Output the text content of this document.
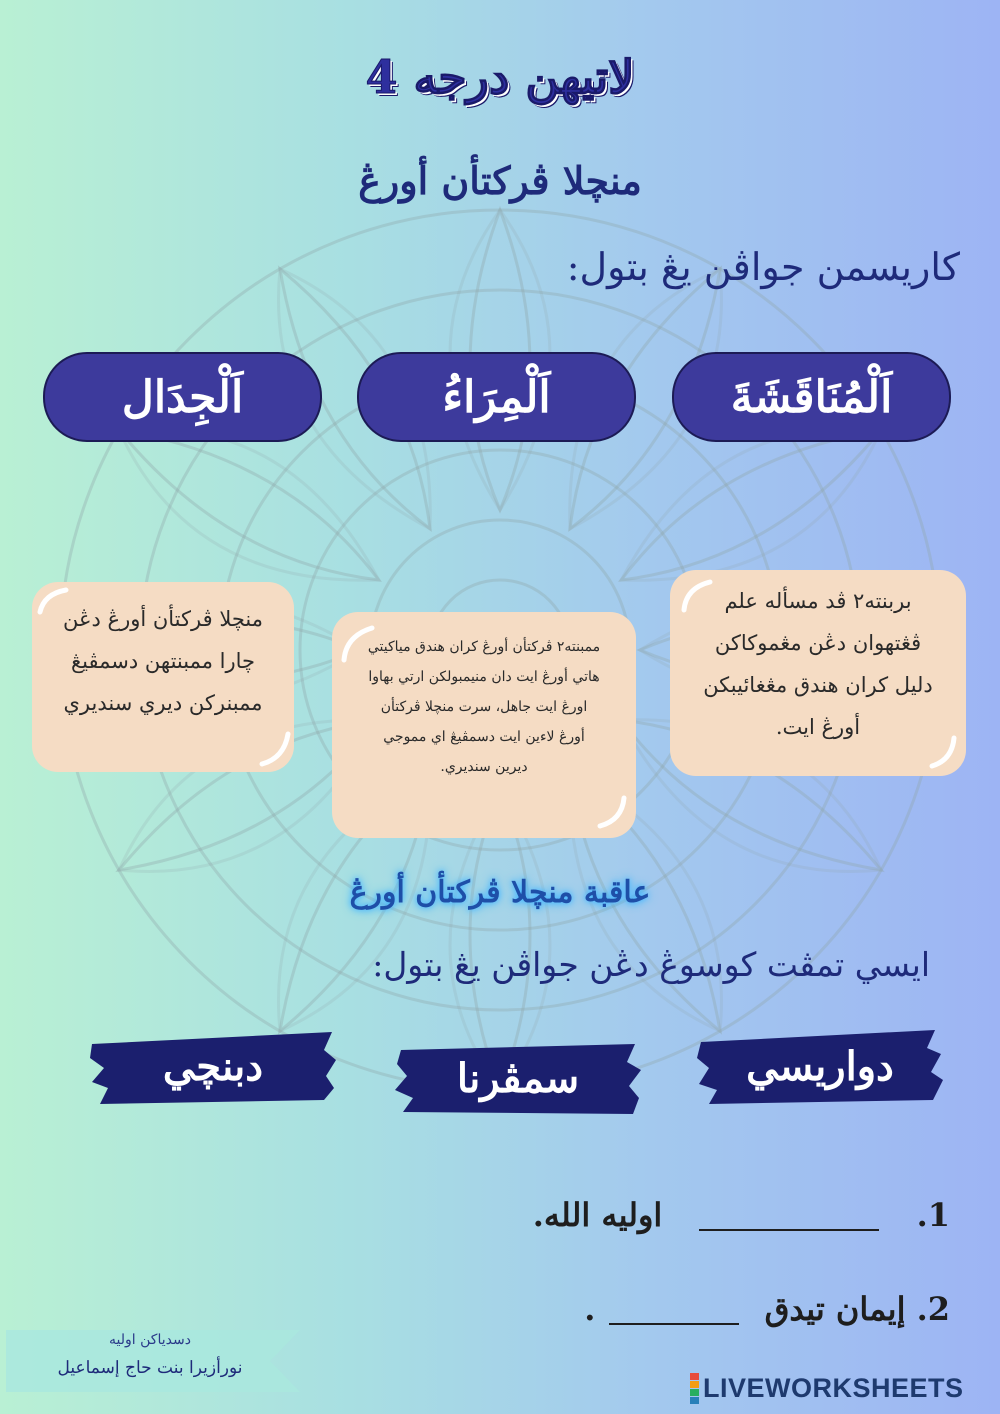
لاتيهن درجه 4
منچلا ڤركتأن أورڠ
كاريسمن جواڤن يڠ بتول:
اَلْمُنَاقَشَةَ
اَلْمِرَاءُ
اَلْجِدَال
بربنته٢ ڤد مسأله علم
ڤڠتهوان دڠن مڠموكاكن
دليل كران هندق مڠغائيبكن
أورڠ ايت.
ممبنته٢ ڤركتأن أورڠ كران هندق مياكيتي
هاتي أورڠ ايت دان منيمبولكن ارتي بهاوا
اورڠ ايت جاهل، سرت منچلا ڤركتأن
أورڠ لاءين ايت دسمڤيڠ اي مموجي
ديرين سنديري.
منچلا ڤركتأن أورڠ دڠن
چارا ممبنتهن دسمڤيڠ
ممبنركن ديري سنديري
عاقبة منچلا ڤركتأن أورڠ
ايسي تمڤت كوسوڠ دڠن جواڤن يڠ بتول:
دواريسي
سمڤرنا
دبنچي
1.  اوليه الله.
2. إيمان تيدق .
دسدياكن اوليه
نورأزيرا بنت حاج إسماعيل
LIVEWORKSHEETS
